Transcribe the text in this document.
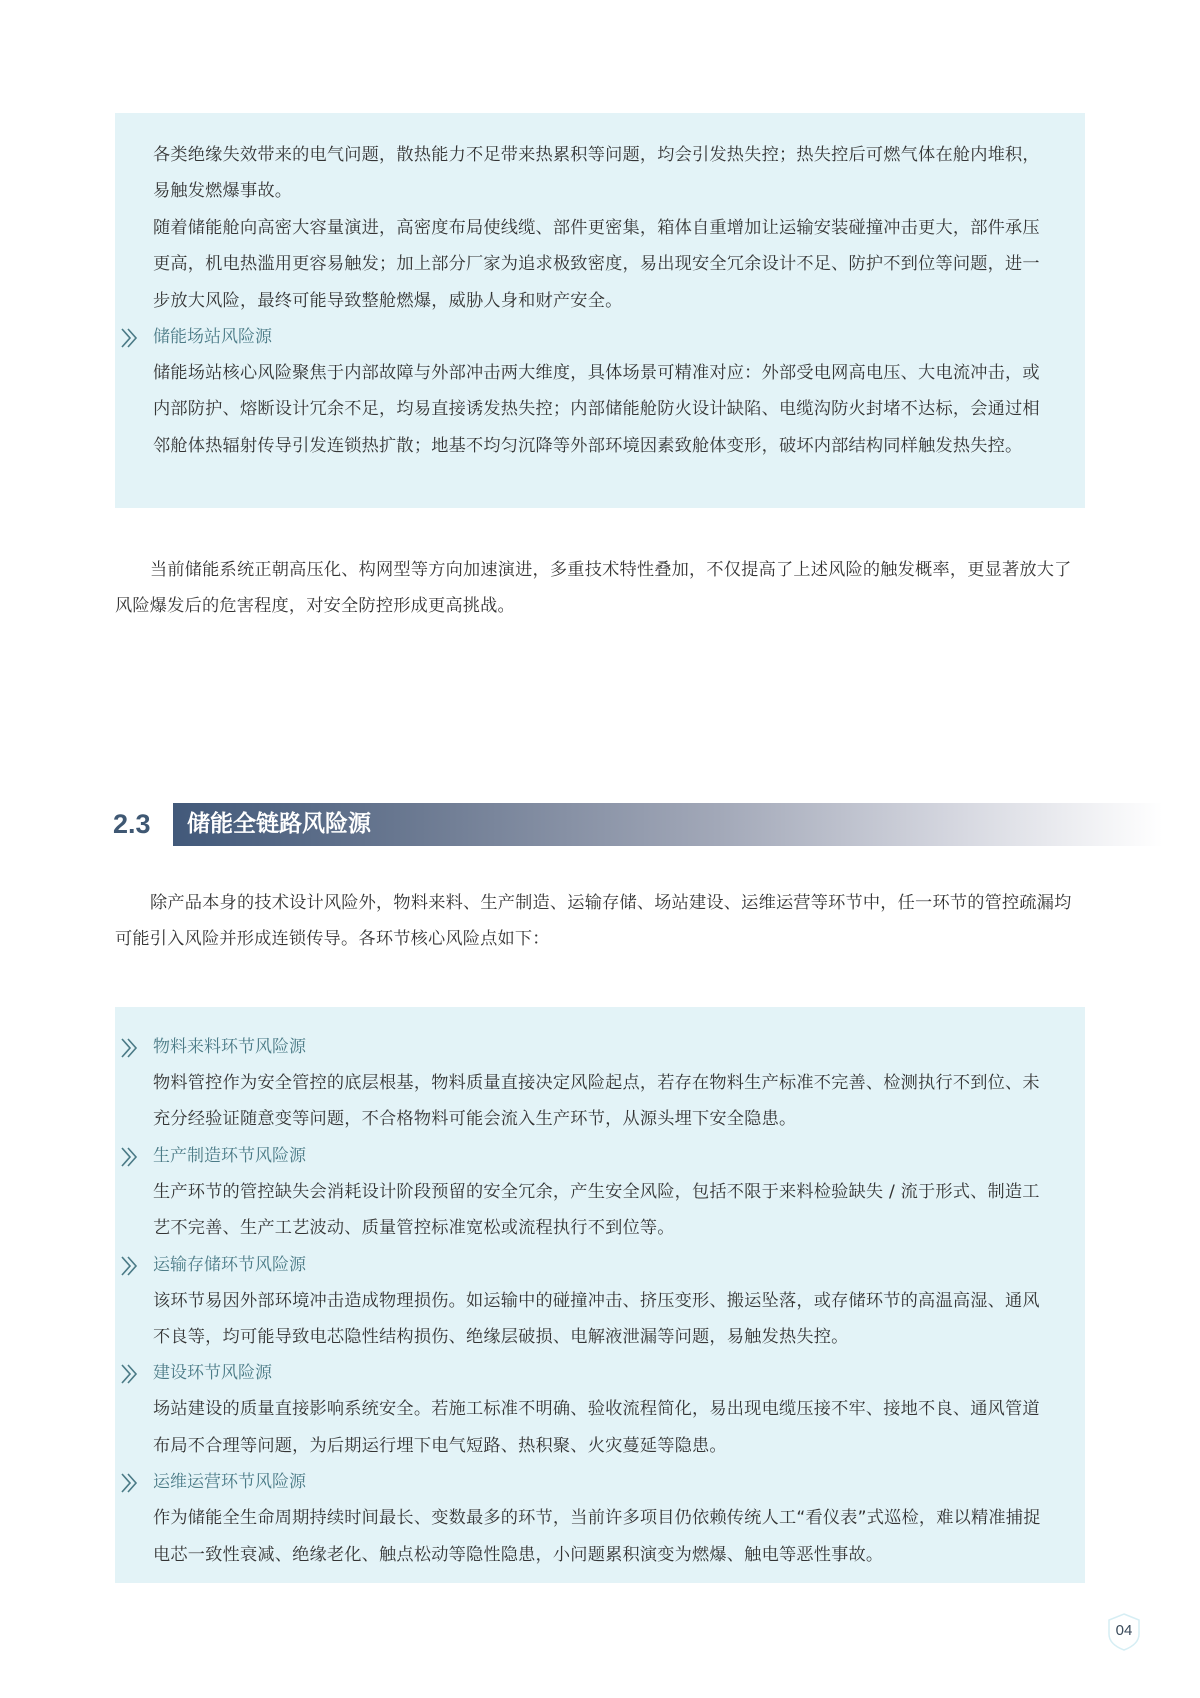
各类绝缘失效带来的电气问题，散热能力不足带来热累积等问题，均会引发热失控；热失控后可燃气体在舱内堆积，易触发燃爆事故。

随着储能舱向高密大容量演进，高密度布局使线缆、部件更密集，箱体自重增加让运输安装碰撞冲击更大，部件承压更高，机电热滥用更容易触发；加上部分厂家为追求极致密度，易出现安全冗余设计不足、防护不到位等问题，进一步放大风险，最终可能导致整舱燃爆，威胁人身和财产安全。

储能场站风险源

储能场站核心风险聚焦于内部故障与外部冲击两大维度，具体场景可精准对应：外部受电网高电压、大电流冲击，或内部防护、熔断设计冗余不足，均易直接诱发热失控；内部储能舱防火设计缺陷、电缆沟防火封堵不达标，会通过相邻舱体热辐射传导引发连锁热扩散；地基不均匀沉降等外部环境因素致舱体变形，破坏内部结构同样触发热失控。

当前储能系统正朝高压化、构网型等方向加速演进，多重技术特性叠加，不仅提高了上述风险的触发概率，更显著放大了风险爆发后的危害程度，对安全防控形成更高挑战。

2.3 储能全链路风险源

除产品本身的技术设计风险外，物料来料、生产制造、运输存储、场站建设、运维运营等环节中，任一环节的管控疏漏均可能引入风险并形成连锁传导。各环节核心风险点如下：

物料来料环节风险源

物料管控作为安全管控的底层根基，物料质量直接决定风险起点，若存在物料生产标准不完善、检测执行不到位、未充分经验证随意变等问题，不合格物料可能会流入生产环节，从源头埋下安全隐患。

生产制造环节风险源

生产环节的管控缺失会消耗设计阶段预留的安全冗余，产生安全风险，包括不限于来料检验缺失 / 流于形式、制造工艺不完善、生产工艺波动、质量管控标准宽松或流程执行不到位等。

运输存储环节风险源

该环节易因外部环境冲击造成物理损伤。如运输中的碰撞冲击、挤压变形、搬运坠落，或存储环节的高温高湿、通风不良等，均可能导致电芯隐性结构损伤、绝缘层破损、电解液泄漏等问题，易触发热失控。

建设环节风险源

场站建设的质量直接影响系统安全。若施工标准不明确、验收流程简化，易出现电缆压接不牢、接地不良、通风管道布局不合理等问题，为后期运行埋下电气短路、热积聚、火灾蔓延等隐患。

运维运营环节风险源

作为储能全生命周期持续时间最长、变数最多的环节，当前许多项目仍依赖传统人工“看仪表”式巡检，难以精准捕捉电芯一致性衰减、绝缘老化、触点松动等隐性隐患，小问题累积演变为燃爆、触电等恶性事故。

04
